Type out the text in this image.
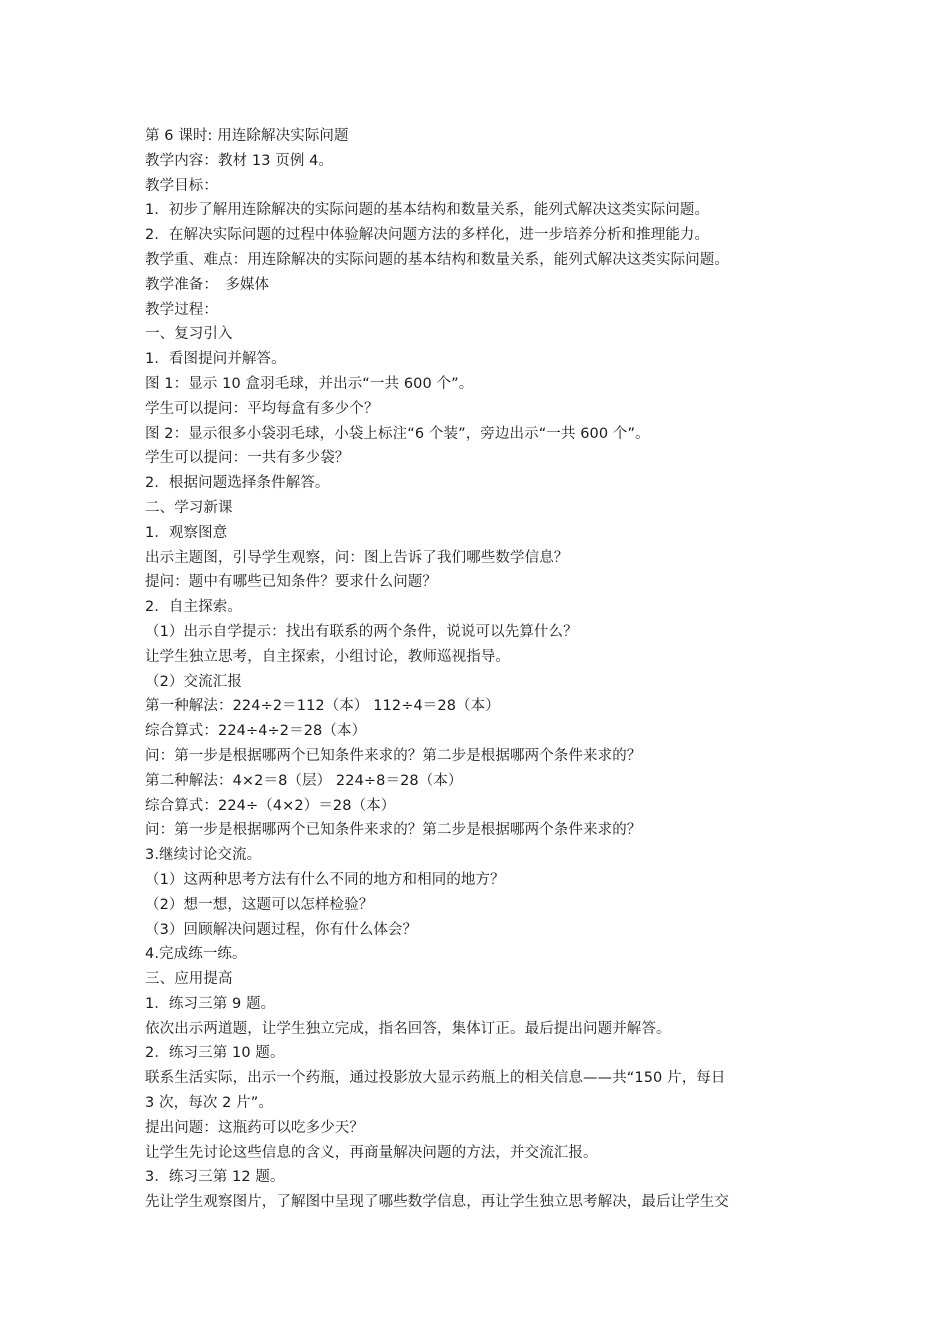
第 6 课时: 用连除解决实际问题
教学内容：教材 13 页例 4。
教学目标：
1．初步了解用连除解决的实际问题的基本结构和数量关系，能列式解决这类实际问题。
2．在解决实际问题的过程中体验解决问题方法的多样化，进一步培养分析和推理能力。
教学重、难点：用连除解决的实际问题的基本结构和数量关系，能列式解决这类实际问题。
教学准备：　多媒体
教学过程：
一、复习引入
1．看图提问并解答。
图 1：显示 10 盒羽毛球，并出示“一共 600 个”。
学生可以提问：平均每盒有多少个？
图 2：显示很多小袋羽毛球，小袋上标注“6 个装”，旁边出示“一共 600 个”。
学生可以提问：一共有多少袋？
2．根据问题选择条件解答。
二、学习新课
1．观察图意
出示主题图，引导学生观察，问：图上告诉了我们哪些数学信息？
提问：题中有哪些已知条件？要求什么问题？
2．自主探索。
（1）出示自学提示：找出有联系的两个条件，说说可以先算什么？
让学生独立思考，自主探索，小组讨论，教师巡视指导。
（2）交流汇报
第一种解法：224÷2＝112（本） 112÷4＝28（本）
综合算式：224÷4÷2＝28（本）
问：第一步是根据哪两个已知条件来求的？第二步是根据哪两个条件来求的？
第二种解法：4×2＝8（层） 224÷8＝28（本）
综合算式：224÷（4×2）＝28（本）
问：第一步是根据哪两个已知条件来求的？第二步是根据哪两个条件来求的？
3.继续讨论交流。
（1）这两种思考方法有什么不同的地方和相同的地方？
（2）想一想，这题可以怎样检验？
（3）回顾解决问题过程，你有什么体会？
4.完成练一练。
三、应用提高
1．练习三第 9 题。
依次出示两道题，让学生独立完成，指名回答，集体订正。最后提出问题并解答。
2．练习三第 10 题。
联系生活实际，出示一个药瓶，通过投影放大显示药瓶上的相关信息——共“150 片，每日
3 次，每次 2 片”。
提出问题：这瓶药可以吃多少天？
让学生先讨论这些信息的含义，再商量解决问题的方法，并交流汇报。
3．练习三第 12 题。
先让学生观察图片，了解图中呈现了哪些数学信息，再让学生独立思考解决，最后让学生交
